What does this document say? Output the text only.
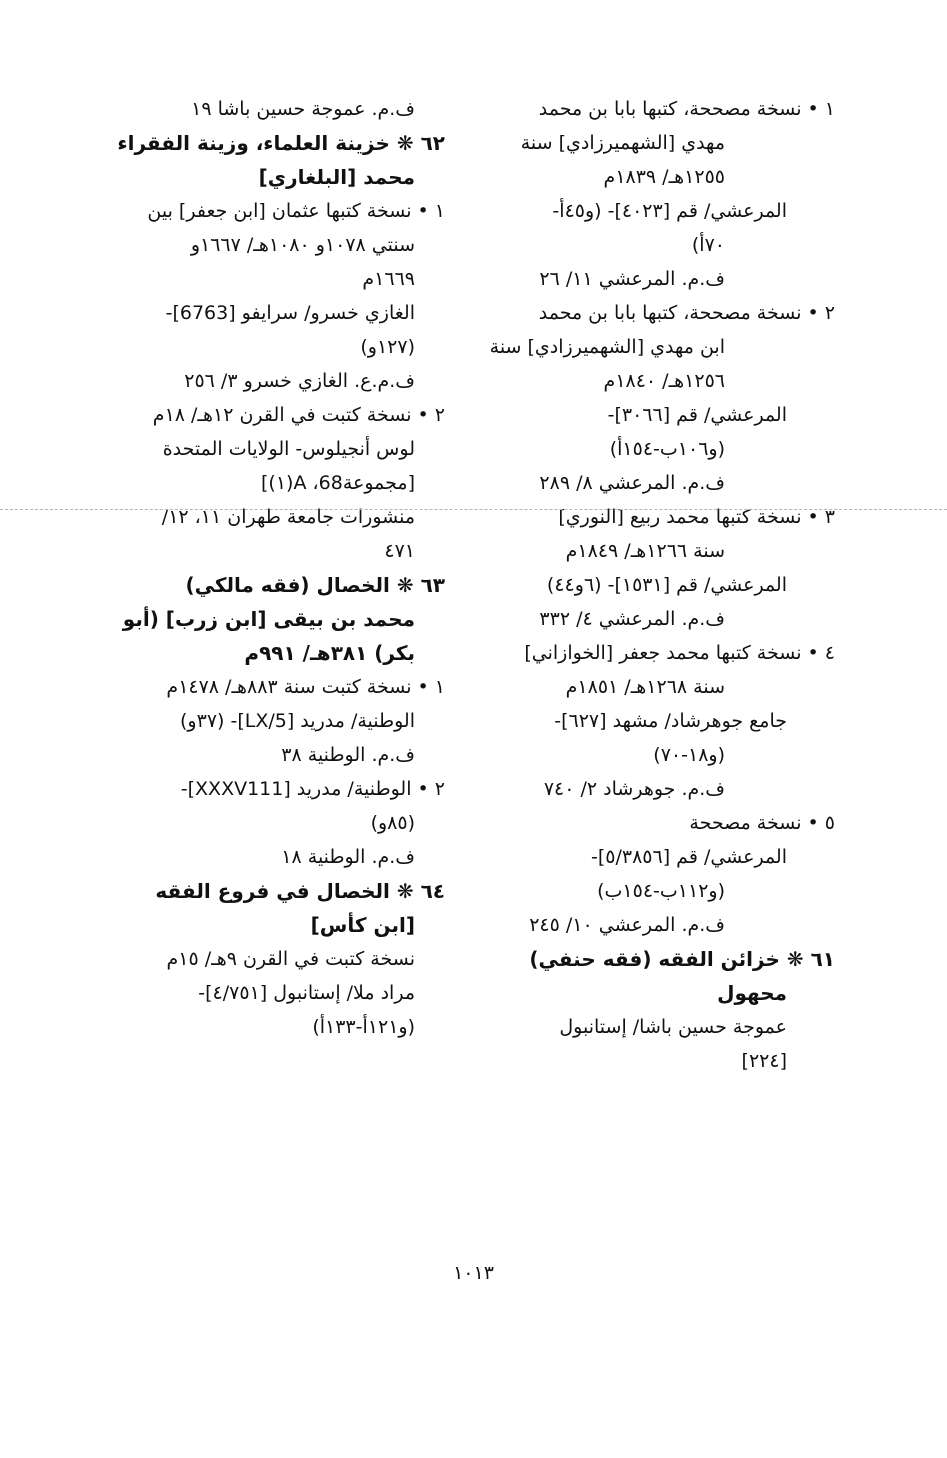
١ • نسخة مصححة، كتبها بابا بن محمد
مهدي [الشهميرزادي] سنة
١٢٥٥هـ/ ١٨٣٩م
المرعشي/ قم [٤٠٢٣]- (و٤٥أ-
٧٠أ)
ف.م. المرعشي ١١/ ٢٦
٢ • نسخة مصححة، كتبها بابا بن محمد
ابن مهدي [الشهميرزادي] سنة
١٢٥٦هـ/ ١٨٤٠م
المرعشي/ قم [٣٠٦٦]-
(و١٠٦ب-١٥٤أ)
ف.م. المرعشي ٨/ ٢٨٩
٣ • نسخة كتبها محمد ربيع [النوري]
سنة ١٢٦٦هـ/ ١٨٤٩م
المرعشي/ قم [١٥٣١]- (٦و٤٤)
ف.م. المرعشي ٤/ ٣٣٢
٤ • نسخة كتبها محمد جعفر [الخوازاني]
سنة ١٢٦٨هـ/ ١٨٥١م
جامع جوهرشاد/ مشهد [٦٢٧]-
(و١٨-٧٠)
ف.م. جوهرشاد ٢/ ٧٤٠
٥ • نسخة مصححة
المرعشي/ قم [٥/٣٨٥٦]-
(و١١٢ب-١٥٤ب)
ف.م. المرعشي ١٠/ ٢٤٥
٦١ ❋ خزائن الفقه (فقه حنفي)
محهول
عموجة حسين باشا/ إستانبول
[٢٢٤]
ف.م. عموجة حسين باشا ١٩
٦٢ ❋ خزينة العلماء، وزينة الفقراء
محمد [البلغاري]
١ • نسخة كتبها عثمان [ابن جعفر] بين
سنتي ١٠٧٨و ١٠٨٠هـ/ ١٦٦٧و
١٦٦٩م
الغازي خسرو/ سرايفو [6763]-
(١٢٧و)
ف.م.ع. الغازي خسرو ٣/ ٢٥٦
٢ • نسخة كتبت في القرن ١٢هـ/ ١٨م
لوس أنجيلوس- الولايات المتحدة
[مجموعة68، A(١)]
منشورات جامعة طهران ١١، ١٢/
٤٧١
٦٣ ❋ الخصال (فقه مالكي)
محمد بن بيقى [ابن زرب] (أبو
بكر) ٣٨١هـ/ ٩٩١م
١ • نسخة كتبت سنة ٨٨٣هـ/ ١٤٧٨م
الوطنية/ مدريد [LX/5]- (٣٧و)
ف.م. الوطنية ٣٨
٢ • الوطنية/ مدريد [XXXV111]-
(٨٥و)
ف.م. الوطنية ١٨
٦٤ ❋ الخصال في فروع الفقه
[ابن كأس]
نسخة كتبت في القرن ٩هـ/ ١٥م
مراد ملا/ إستانبول [٤/٧٥١]-
(و١٢١أ-١٣٣أ)
١٠١٣
